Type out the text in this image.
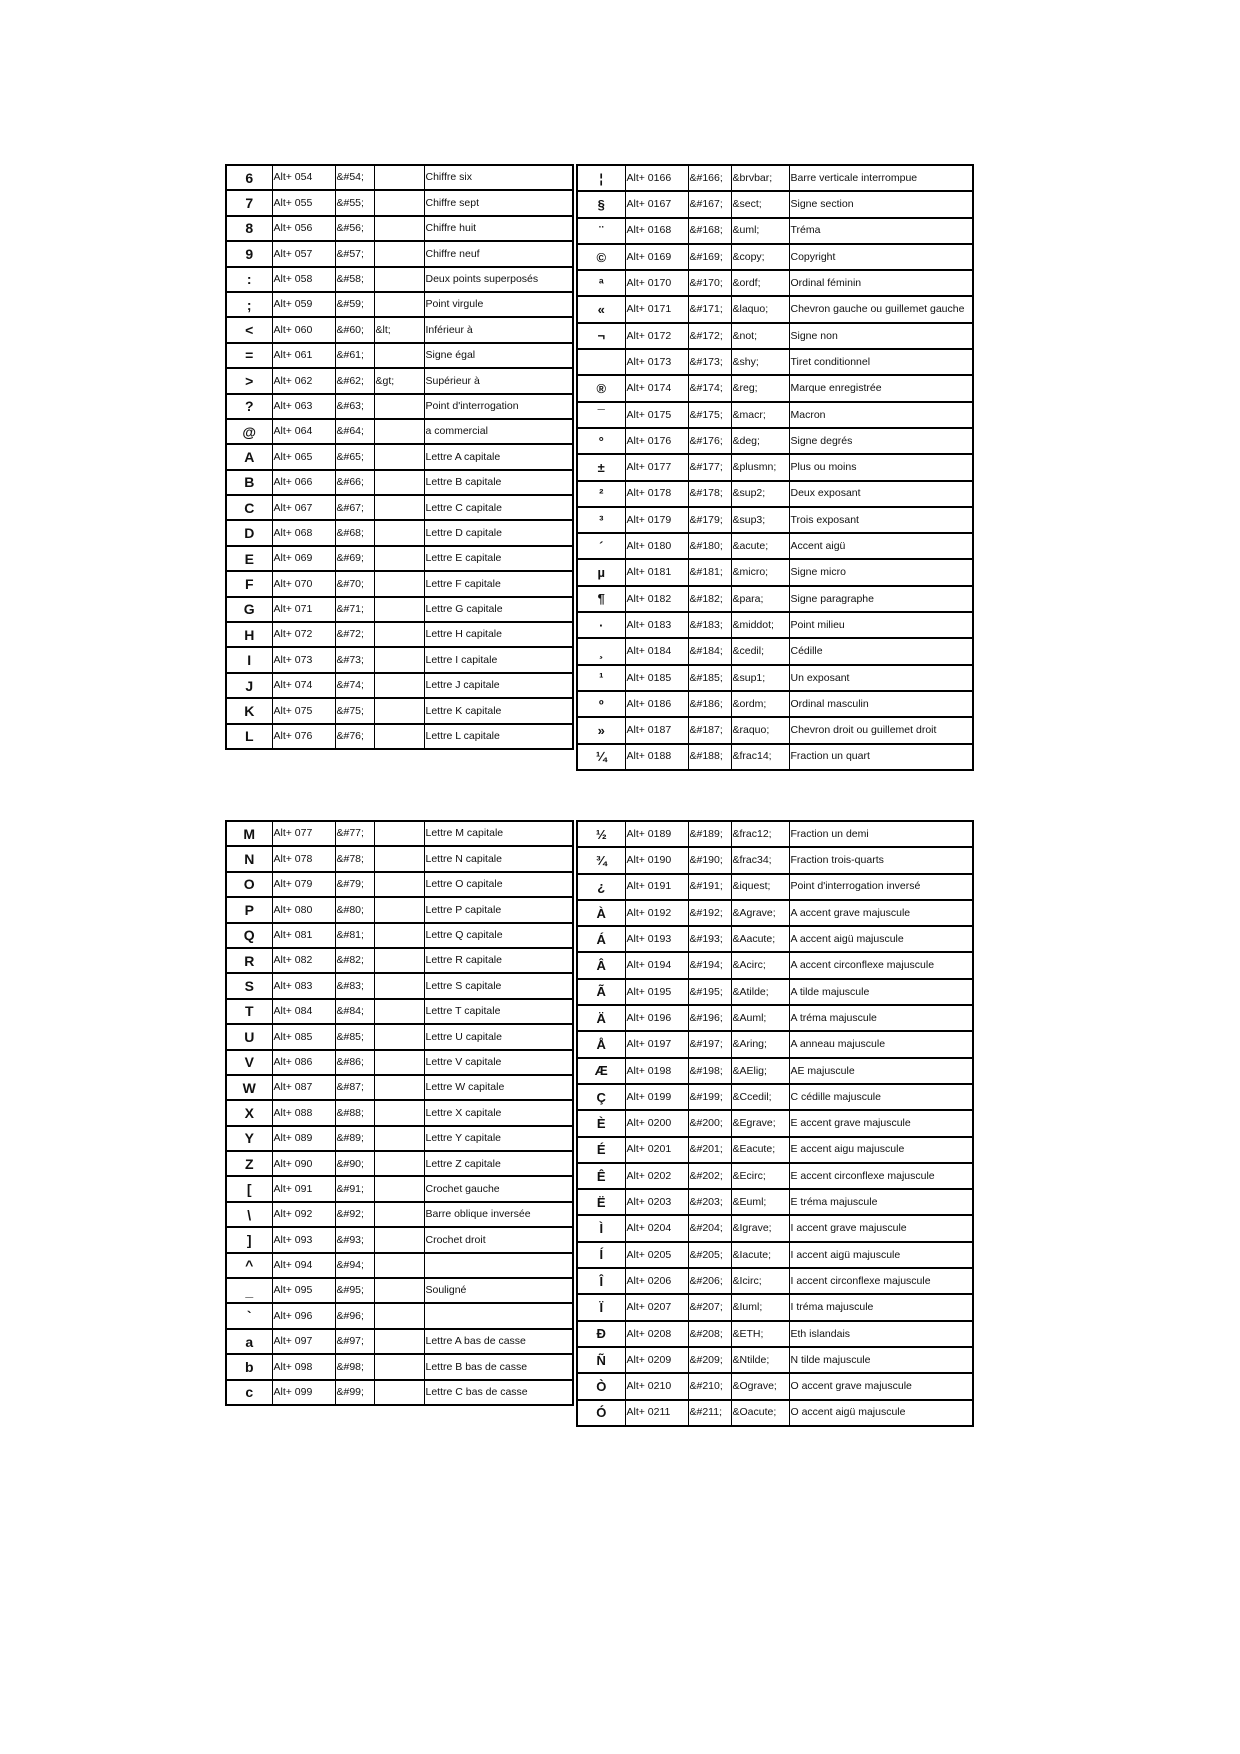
6	Alt+ 054	&#54;		Chiffre six
7	Alt+ 055	&#55;		Chiffre sept
8	Alt+ 056	&#56;		Chiffre huit
9	Alt+ 057	&#57;		Chiffre neuf
:	Alt+ 058	&#58;		Deux points superposés
;	Alt+ 059	&#59;		Point virgule
<	Alt+ 060	&#60;	&lt;	Inférieur à
=	Alt+ 061	&#61;		Signe égal
>	Alt+ 062	&#62;	&gt;	Supérieur à
?	Alt+ 063	&#63;		Point d'interrogation
@	Alt+ 064	&#64;		a commercial
A	Alt+ 065	&#65;		Lettre A capitale
B	Alt+ 066	&#66;		Lettre B capitale
C	Alt+ 067	&#67;		Lettre C capitale
D	Alt+ 068	&#68;		Lettre D capitale
E	Alt+ 069	&#69;		Lettre E capitale
F	Alt+ 070	&#70;		Lettre F capitale
G	Alt+ 071	&#71;		Lettre G capitale
H	Alt+ 072	&#72;		Lettre H capitale
I	Alt+ 073	&#73;		Lettre I capitale
J	Alt+ 074	&#74;		Lettre J capitale
K	Alt+ 075	&#75;		Lettre K capitale
L	Alt+ 076	&#76;		Lettre L capitale
¦	Alt+ 0166	&#166;	&brvbar;	Barre verticale interrompue
§	Alt+ 0167	&#167;	&sect;	Signe section
¨	Alt+ 0168	&#168;	&uml;	Tréma
©	Alt+ 0169	&#169;	&copy;	Copyright
ª	Alt+ 0170	&#170;	&ordf;	Ordinal féminin
«	Alt+ 0171	&#171;	&laquo;	Chevron gauche ou guillemet gauche
¬	Alt+ 0172	&#172;	&not;	Signe non
	Alt+ 0173	&#173;	&shy;	Tiret conditionnel
®	Alt+ 0174	&#174;	&reg;	Marque enregistrée
¯	Alt+ 0175	&#175;	&macr;	Macron
°	Alt+ 0176	&#176;	&deg;	Signe degrés
±	Alt+ 0177	&#177;	&plusmn;	Plus ou moins
²	Alt+ 0178	&#178;	&sup2;	Deux exposant
³	Alt+ 0179	&#179;	&sup3;	Trois exposant
´	Alt+ 0180	&#180;	&acute;	Accent aigü
µ	Alt+ 0181	&#181;	&micro;	Signe micro
¶	Alt+ 0182	&#182;	&para;	Signe paragraphe
·	Alt+ 0183	&#183;	&middot;	Point milieu
¸	Alt+ 0184	&#184;	&cedil;	Cédille
¹	Alt+ 0185	&#185;	&sup1;	Un exposant
º	Alt+ 0186	&#186;	&ordm;	Ordinal masculin
»	Alt+ 0187	&#187;	&raquo;	Chevron droit ou guillemet droit
¼	Alt+ 0188	&#188;	&frac14;	Fraction un quart
M	Alt+ 077	&#77;		Lettre M capitale
N	Alt+ 078	&#78;		Lettre N capitale
O	Alt+ 079	&#79;		Lettre O capitale
P	Alt+ 080	&#80;		Lettre P capitale
Q	Alt+ 081	&#81;		Lettre Q capitale
R	Alt+ 082	&#82;		Lettre R capitale
S	Alt+ 083	&#83;		Lettre S capitale
T	Alt+ 084	&#84;		Lettre T capitale
U	Alt+ 085	&#85;		Lettre U capitale
V	Alt+ 086	&#86;		Lettre V capitale
W	Alt+ 087	&#87;		Lettre W capitale
X	Alt+ 088	&#88;		Lettre X capitale
Y	Alt+ 089	&#89;		Lettre Y capitale
Z	Alt+ 090	&#90;		Lettre Z capitale
[	Alt+ 091	&#91;		Crochet gauche
\	Alt+ 092	&#92;		Barre oblique inversée
]	Alt+ 093	&#93;		Crochet droit
^	Alt+ 094	&#94;		
_	Alt+ 095	&#95;		Souligné
`	Alt+ 096	&#96;		
a	Alt+ 097	&#97;		Lettre A bas de casse
b	Alt+ 098	&#98;		Lettre B bas de casse
c	Alt+ 099	&#99;		Lettre C bas de casse
½	Alt+ 0189	&#189;	&frac12;	Fraction un demi
¾	Alt+ 0190	&#190;	&frac34;	Fraction trois-quarts
¿	Alt+ 0191	&#191;	&iquest;	Point d'interrogation inversé
À	Alt+ 0192	&#192;	&Agrave;	A accent grave majuscule
Á	Alt+ 0193	&#193;	&Aacute;	A accent aigü majuscule
Â	Alt+ 0194	&#194;	&Acirc;	A accent circonflexe majuscule
Ã	Alt+ 0195	&#195;	&Atilde;	A tilde majuscule
Ä	Alt+ 0196	&#196;	&Auml;	A tréma majuscule
Å	Alt+ 0197	&#197;	&Aring;	A anneau majuscule
Æ	Alt+ 0198	&#198;	&AElig;	AE majuscule
Ç	Alt+ 0199	&#199;	&Ccedil;	C cédille majuscule
È	Alt+ 0200	&#200;	&Egrave;	E accent grave majuscule
É	Alt+ 0201	&#201;	&Eacute;	E accent aigu majuscule
Ê	Alt+ 0202	&#202;	&Ecirc;	E accent circonflexe majuscule
Ë	Alt+ 0203	&#203;	&Euml;	E tréma majuscule
Ì	Alt+ 0204	&#204;	&Igrave;	I accent grave majuscule
Í	Alt+ 0205	&#205;	&Iacute;	I accent aigü majuscule
Î	Alt+ 0206	&#206;	&Icirc;	I accent circonflexe majuscule
Ï	Alt+ 0207	&#207;	&Iuml;	I tréma majuscule
Ð	Alt+ 0208	&#208;	&ETH;	Eth islandais
Ñ	Alt+ 0209	&#209;	&Ntilde;	N tilde majuscule
Ò	Alt+ 0210	&#210;	&Ograve;	O accent grave majuscule
Ó	Alt+ 0211	&#211;	&Oacute;	O accent aigü majuscule
